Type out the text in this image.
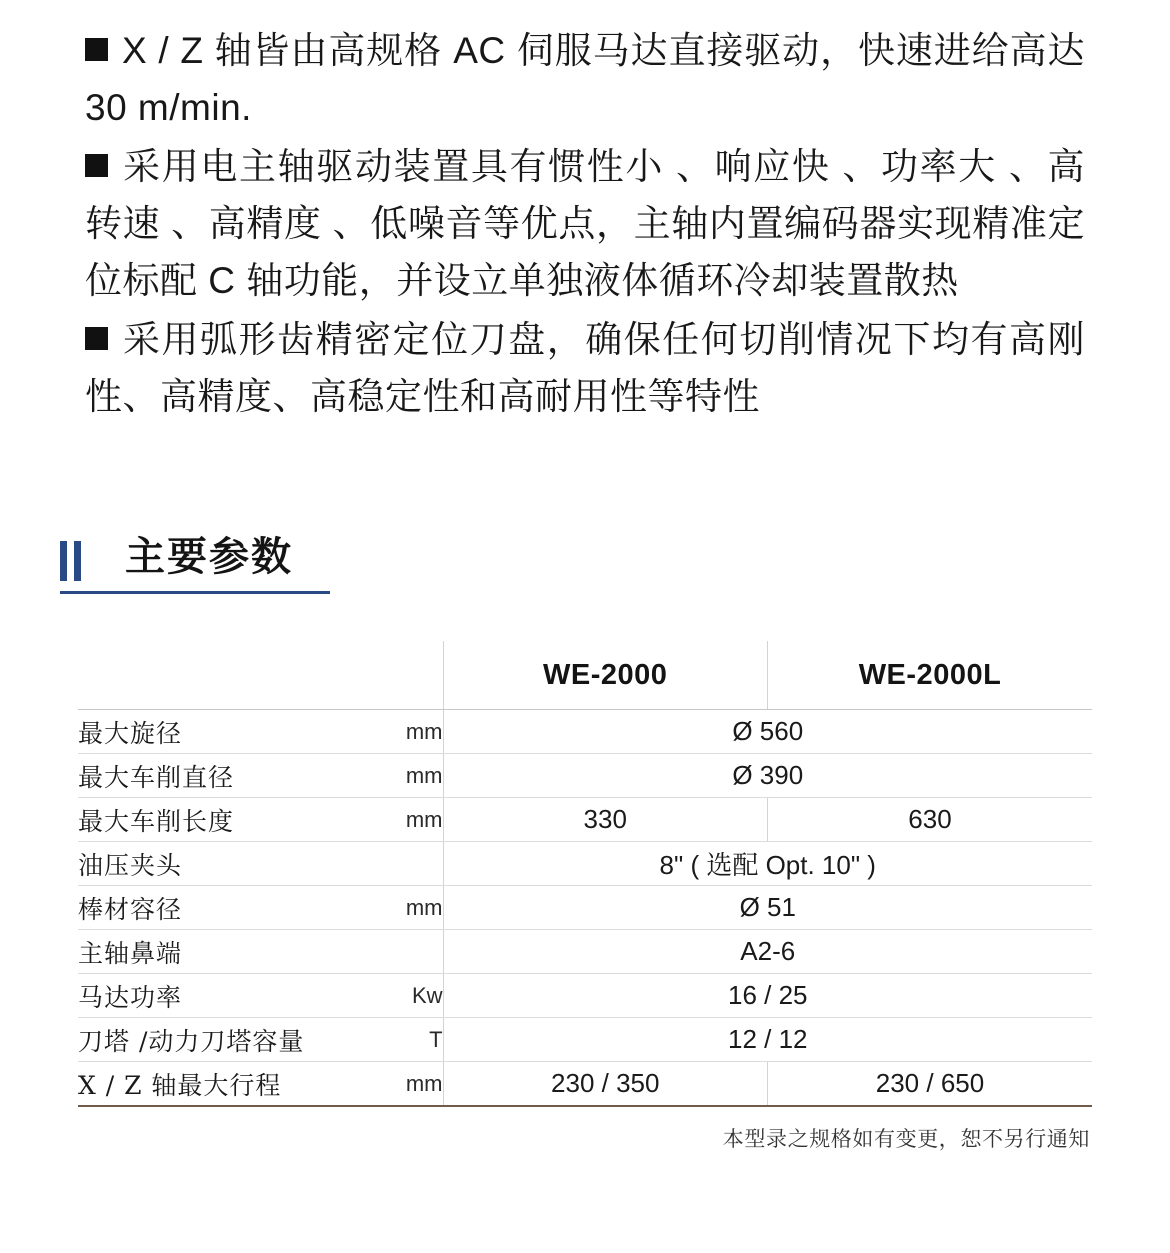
X / Z 轴皆由高规格 AC 伺服马达直接驱动，快速进给高达 30 m/min.

采用电主轴驱动装置具有惯性小 、响应快 、功率大 、高转速 、高精度 、低噪音等优点，主轴内置编码器实现精准定位标配 C 轴功能，并设立单独液体循环冷却装置散热

采用弧形齿精密定位刀盘，确保任何切削情况下均有高刚性、高精度、高稳定性和高耐用性等特性

主要参数
		WE-2000	WE-2000L
最大旋径	mm	Ø 560	
最大车削直径	mm	Ø 390	
最大车削长度	mm	330	630
油压夹头		8" ( 选配 Opt. 10" )	
棒材容径	mm	Ø 51	
主轴鼻端		A2-6	
马达功率	Kw	16 / 25	
刀塔 /动力刀塔容量	T	12 / 12	
X / Z 轴最大行程	mm	230 / 350	230 / 650
本型录之规格如有变更，恕不另行通知
